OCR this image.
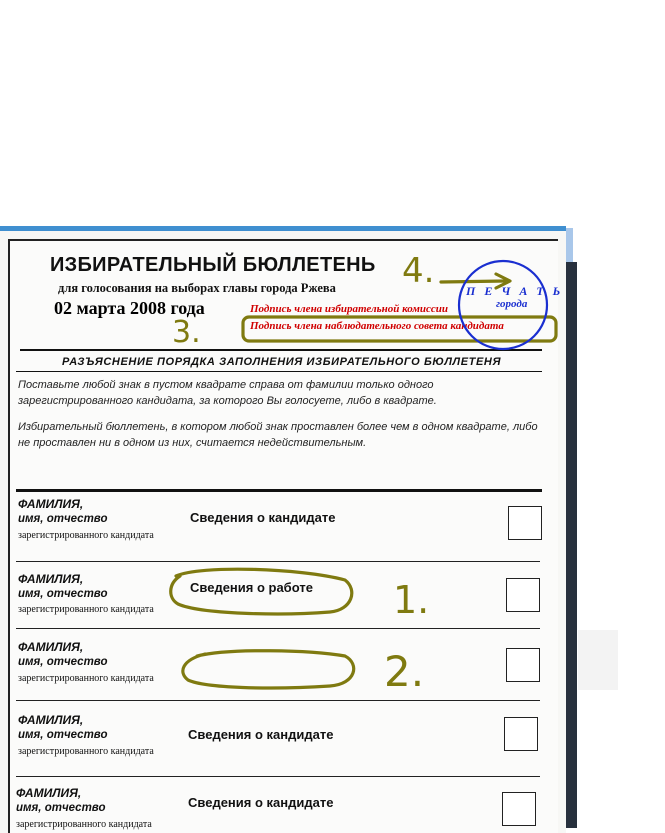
ИЗБИРАТЕЛЬНЫЙ БЮЛЛЕТЕНЬ
для голосования на выборах главы города Ржева
02 марта 2008 года	Подпись члена избирательной комиссии
Подпись члена наблюдательного совета кандидата
П Е Ч А Т Ь
города
РАЗЪЯСНЕНИЕ ПОРЯДКА ЗАПОЛНЕНИЯ ИЗБИРАТЕЛЬНОГО БЮЛЛЕТЕНЯ
Поставьте любой знак в пустом квадрате справа от фамилии только одного зарегистрированного кандидата, за которого Вы голосуете, либо в квадрате.
Избирательный бюллетень, в котором любой знак проставлен более чем в одном квадрате, либо не проставлен ни в одном из них, считается недействительным.
ФАМИЛИЯ,
имя, отчество
зарегистрированного кандидата
Сведения о кандидате
ФАМИЛИЯ,
имя, отчество
зарегистрированного кандидата
Сведения о работе
ФАМИЛИЯ,
имя, отчество
зарегистрированного кандидата
ФАМИЛИЯ,
имя, отчество
зарегистрированного кандидата
Сведения о кандидате
ФАМИЛИЯ,
имя, отчество
зарегистрированного кандидата
Сведения о кандидате
1.
2.
3.
4.
